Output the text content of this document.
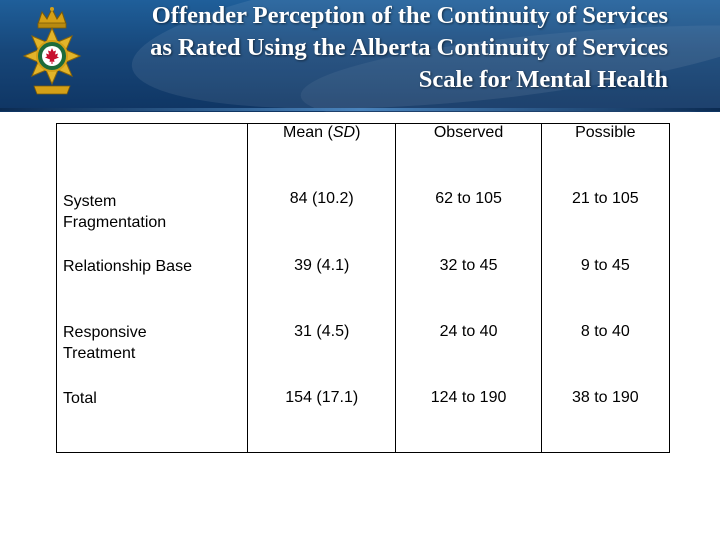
Offender Perception of the Continuity of Services
as Rated Using the Alberta Continuity of Services
Scale for Mental Health
	Mean (SD)	Observed	Possible
System
Fragmentation	84 (10.2)	62 to 105	21 to 105
Relationship Base	39 (4.1)	32 to 45	9 to 45
Responsive
Treatment	31 (4.5)	24 to 40	8 to 40
Total	154 (17.1)	124 to 190	38 to 190
